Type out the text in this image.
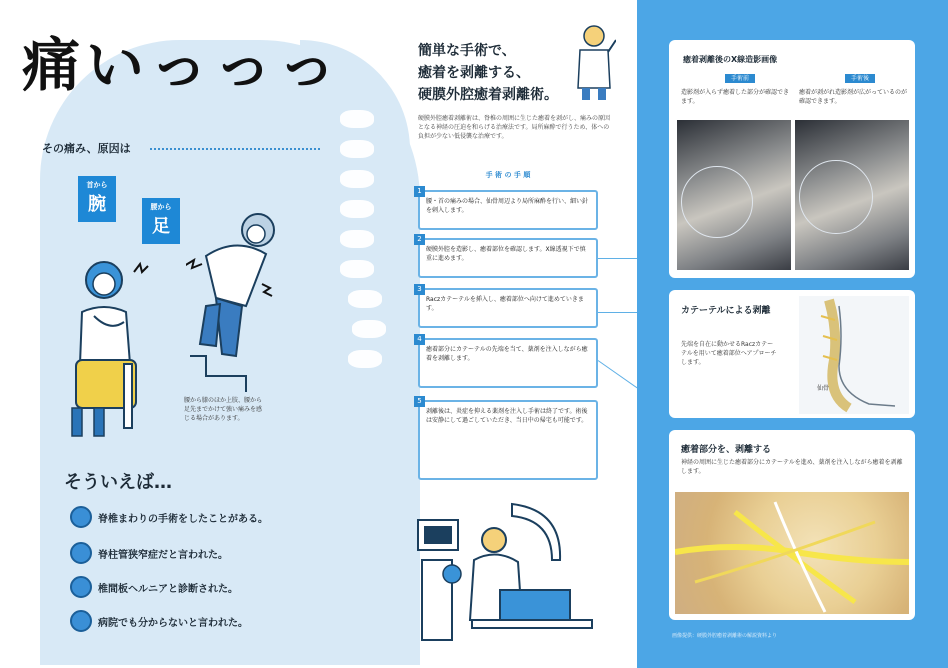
痛いっっっ
その痛み、原因は
首から
腕	腰から
足
腰から膝のほか上肢、腰から足先までかけて強い痛みを感じる場合があります。
そういえば…
脊椎まわりの手術をしたことがある。
脊柱管狭窄症だと言われた。
椎間板ヘルニアと診断された。
病院でも分からないと言われた。
簡単な手術で、
癒着を剥離する、
硬膜外腔癒着剥離術。
硬膜外腔癒着剥離術は、脊椎の周囲に生じた癒着を剥がし、痛みの原因となる神経の圧迫を和らげる治療法です。局所麻酔で行うため、体への負担が少ない低侵襲な治療です。
手 術 の 手 順
1
腰・首の痛みの場合、仙骨周辺より局所麻酔を行い、細い針を刺入します。
2
硬膜外腔を造影し、癒着部位を確認します。X線透視下で慎重に進めます。
3
Raczカテーテルを挿入し、癒着部位へ向けて進めていきます。
4
癒着部分にカテーテルの先端を当て、薬剤を注入しながら癒着を剥離します。
5
剥離後は、炎症を抑える薬剤を注入し手術は終了です。術後は安静にして過ごしていただき、当日中の帰宅も可能です。
癒着剥離後のX線造影画像
手術前	手術後
造影剤が入らず癒着した部分が確認できます。
癒着が剥がれ造影剤が広がっているのが確認できます。
カテーテルによる剥離
先端を自在に動かせるRaczカテーテルを用いて癒着部位へアプローチします。
仙骨
癒着部分を、剥離する
神経の周囲に生じた癒着部分にカテーテルを進め、薬剤を注入しながら癒着を剥離します。
画像提供：硬膜外腔癒着剥離術の解説資料より
